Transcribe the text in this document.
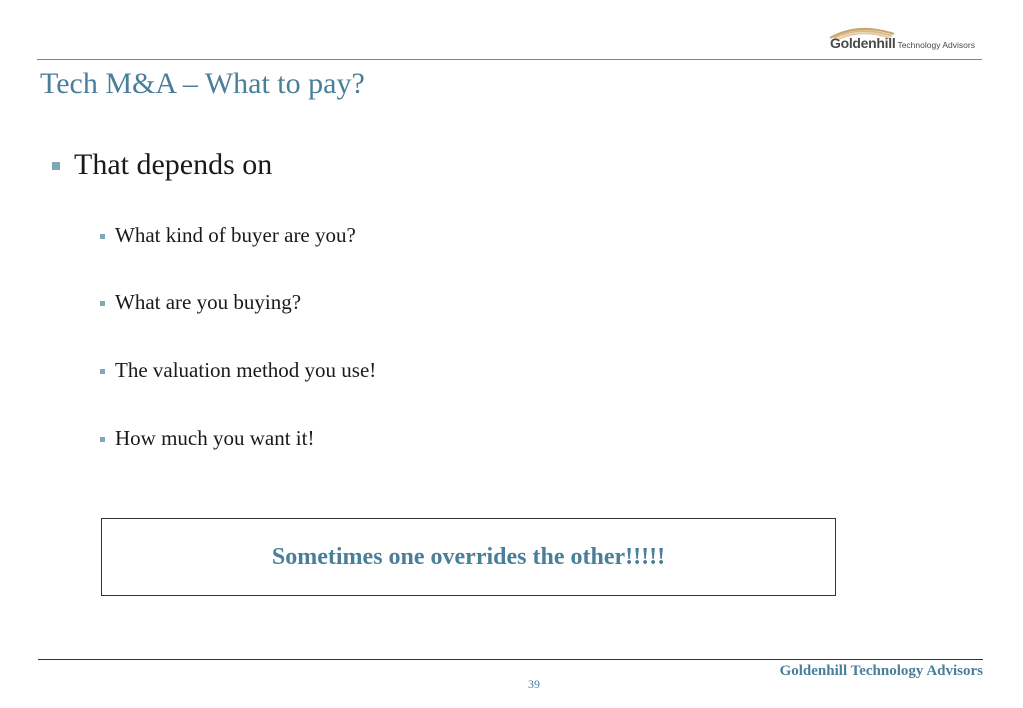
Goldenhill Technology Advisors
Tech M&A – What to pay?
That depends on
What kind of buyer are you?
What are you buying?
The valuation method you use!
How much you want it!
Sometimes one overrides the other!!!!!
Goldenhill Technology Advisors
39
